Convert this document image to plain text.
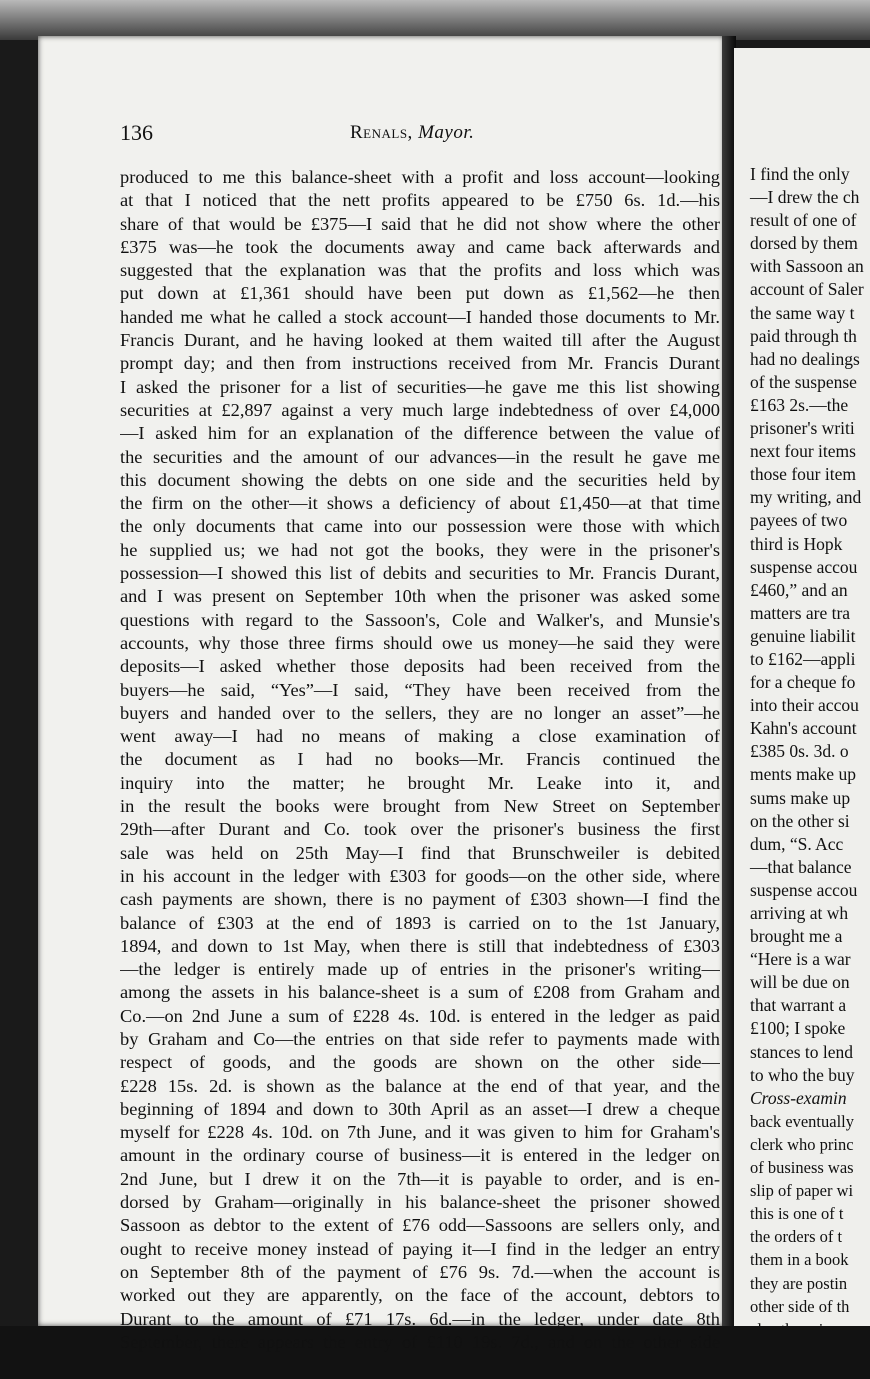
I find the only
—I drew the ch
result of one of
dorsed by them
with Sassoon an
account of Saler
the same way t
paid through th
had no dealings
of the suspense
£163 2s.—the
prisoner's writi
next four items
those four item
my writing, and
payees of two
third is Hopk
suspense accou
£460,” and an
matters are tra
genuine liabilit
to £162—appli
for a cheque fo
into their accou
Kahn's account
£385 0s. 3d. o
ments make up
sums make up
on the other si
dum, “S. Acc
—that balance
suspense accou
arriving at wh
brought me a
“Here is a war
will be due on
that warrant a
£100; I spoke
stances to lend
to who the buy
Cross-examin
back eventually
clerk who princ
of business was
slip of paper wi
this is one of t
the orders of t
them in a book
they are postin
other side of th
136	Renals, Mayor.
produced to me this balance-sheet with a profit and loss account—looking
at that I noticed that the nett profits appeared to be £750 6s. 1d.—his
share of that would be £375—I said that he did not show where the other
£375 was—he took the documents away and came back afterwards and
suggested that the explanation was that the profits and loss which was
put down at £1,361 should have been put down as £1,562—he then
handed me what he called a stock account—I handed those documents to Mr.
Francis Durant, and he having looked at them waited till after the August
prompt day; and then from instructions received from Mr. Francis Durant
I asked the prisoner for a list of securities—he gave me this list showing
securities at £2,897 against a very much large indebtedness of over £4,000
—I asked him for an explanation of the difference between the value of
the securities and the amount of our advances—in the result he gave me
this document showing the debts on one side and the securities held by
the firm on the other—it shows a deficiency of about £1,450—at that time
the only documents that came into our possession were those with which
he supplied us; we had not got the books, they were in the prisoner's
possession—I showed this list of debits and securities to Mr. Francis Durant,
and I was present on September 10th when the prisoner was asked some
questions with regard to the Sassoon's, Cole and Walker's, and Munsie's
accounts, why those three firms should owe us money—he said they were
deposits—I asked whether those deposits had been received from the
buyers—he said, “Yes”—I said, “They have been received from the
buyers and handed over to the sellers, they are no longer an asset”—he
went away—I had no means of making a close examination of
the document as I had no books—Mr. Francis continued the
inquiry into the matter; he brought Mr. Leake into it, and
in the result the books were brought from New Street on September
29th—after Durant and Co. took over the prisoner's business the first
sale was held on 25th May—I find that Brunschweiler is debited
in his account in the ledger with £303 for goods—on the other side, where
cash payments are shown, there is no payment of £303 shown—I find the
balance of £303 at the end of 1893 is carried on to the 1st January,
1894, and down to 1st May, when there is still that indebtedness of £303
—the ledger is entirely made up of entries in the prisoner's writing—
among the assets in his balance-sheet is a sum of £208 from Graham and
Co.—on 2nd June a sum of £228 4s. 10d. is entered in the ledger as paid
by Graham and Co—the entries on that side refer to payments made with
respect of goods, and the goods are shown on the other side—
£228 15s. 2d. is shown as the balance at the end of that year, and the
beginning of 1894 and down to 30th April as an asset—I drew a cheque
myself for £228 4s. 10d. on 7th June, and it was given to him for Graham's
amount in the ordinary course of business—it is entered in the ledger on
2nd June, but I drew it on the 7th—it is payable to order, and is en-
dorsed by Graham—originally in his balance-sheet the prisoner showed
Sassoon as debtor to the extent of £76 odd—Sassoons are sellers only, and
ought to receive money instead of paying it—I find in the ledger an entry
on September 8th of the payment of £76 9s. 7d.—when the account is
worked out they are apparently, on the face of the account, debtors to
Durant to the amount of £71 17s. 6d.—in the ledger, under date 8th
September, there appears the entry of £110 19s. 7d., and on the other side
